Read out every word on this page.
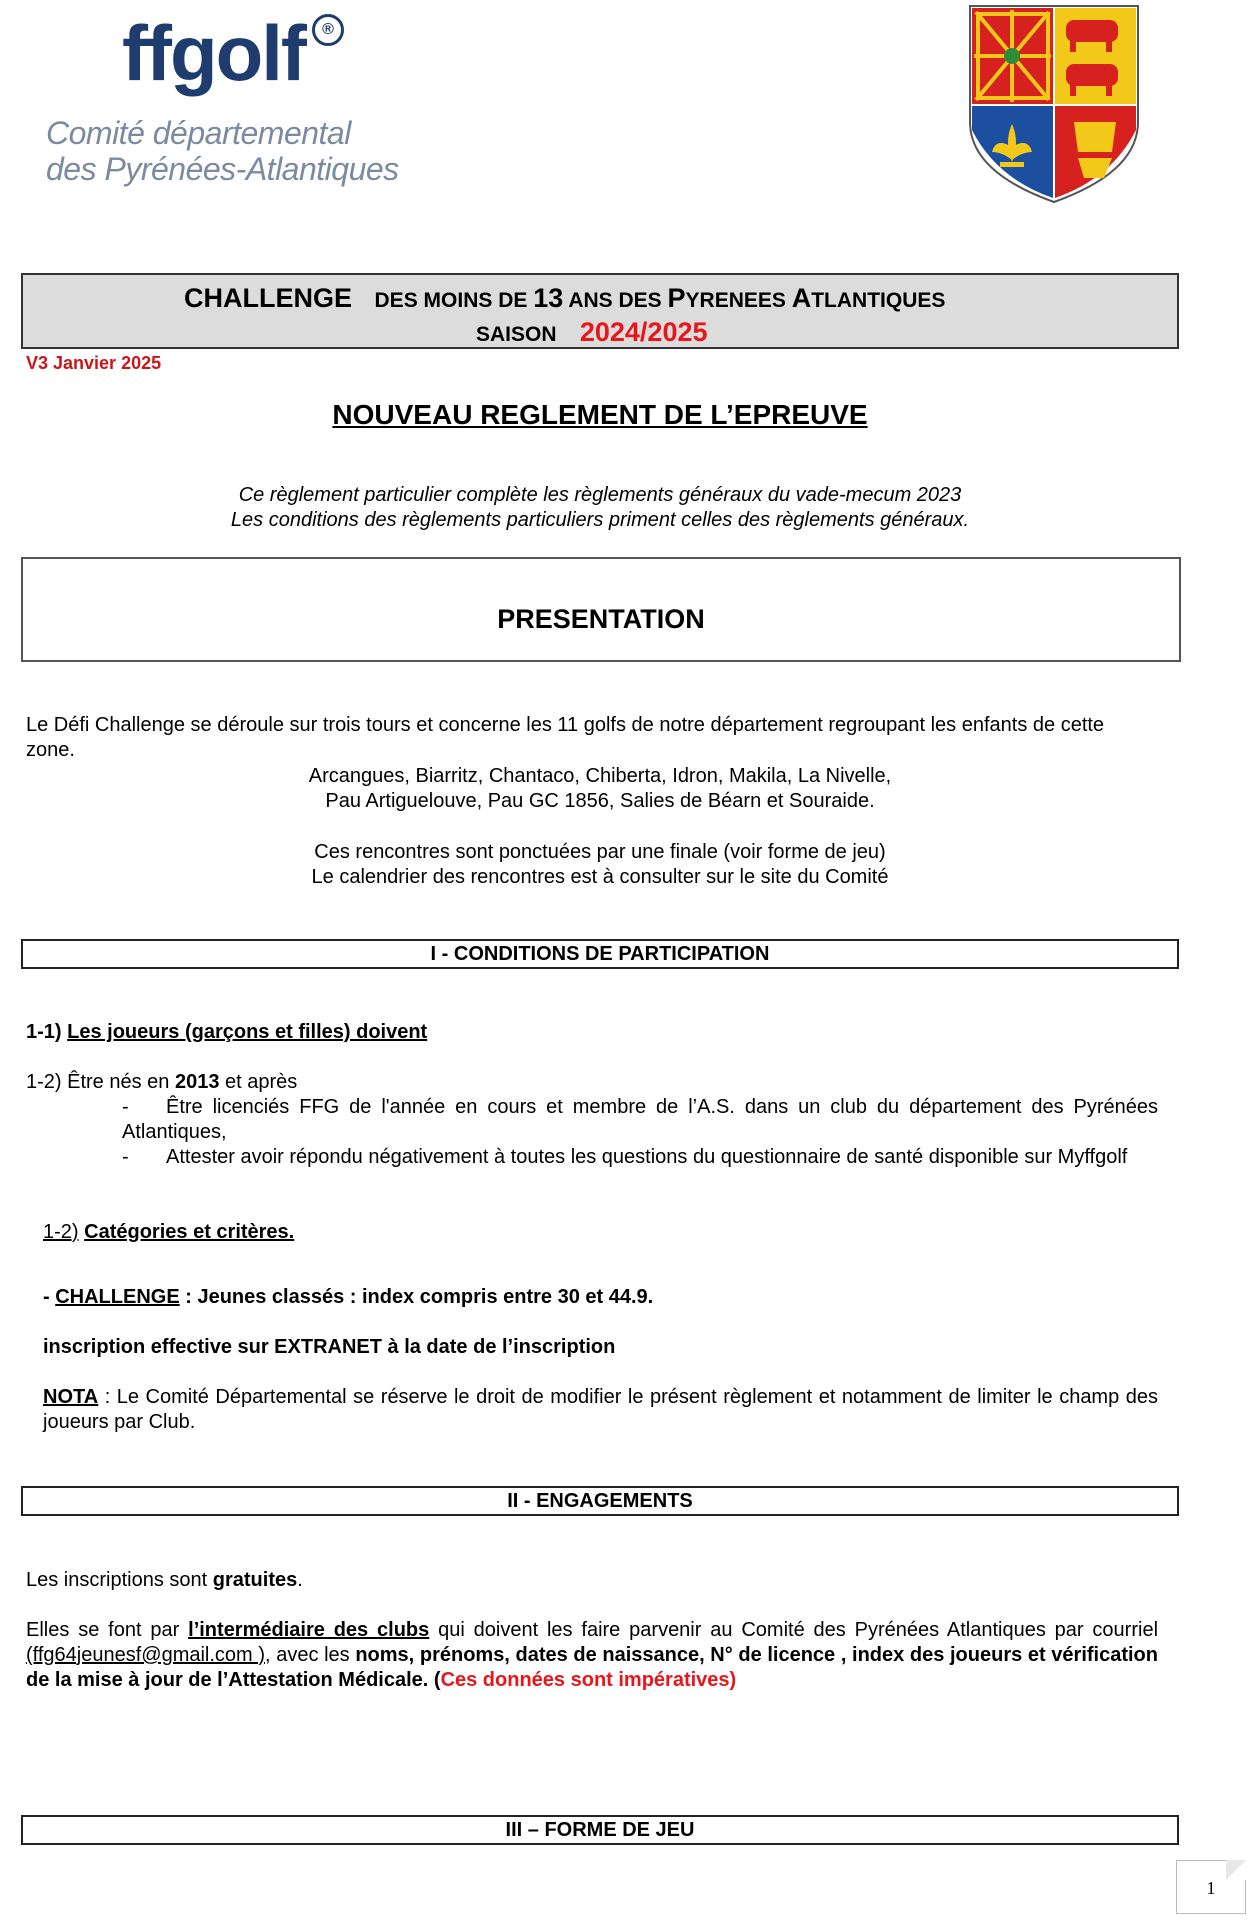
ffgolf	®
Comité départemental
des Pyrénées-Atlantiques
CHALLENGE DES MOINS DE 13 ANS DES PYRENEES ATLANTIQUES
SAISON 2024/2025
V3 Janvier 2025
NOUVEAU REGLEMENT DE L’EPREUVE
Ce règlement particulier complète les règlements généraux du vade-mecum 2023
Les conditions des règlements particuliers priment celles des règlements généraux.
PRESENTATION
Le Défi Challenge se déroule sur trois tours et concerne les 11 golfs de notre département regroupant les enfants de cette zone.
Arcangues, Biarritz, Chantaco, Chiberta, Idron, Makila, La Nivelle,
Pau Artiguelouve, Pau GC 1856, Salies de Béarn et Souraide.
Ces rencontres sont ponctuées par une finale (voir forme de jeu)
Le calendrier des rencontres est à consulter sur le site du Comité
I - CONDITIONS DE PARTICIPATION
1-1) Les joueurs (garçons et filles) doivent
1-2) Être nés en 2013 et après
-	Être licenciés FFG de l'année en cours et membre de l’A.S. dans un club du département des Pyrénées Atlantiques,
-	Attester avoir répondu négativement à toutes les questions du questionnaire de santé disponible sur Myffgolf
1-2) Catégories et critères.
- CHALLENGE : Jeunes classés : index compris entre 30 et 44.9.
inscription effective sur EXTRANET à la date de l’inscription
NOTA : Le Comité Départemental se réserve le droit de modifier le présent règlement et notamment de limiter le champ des joueurs par Club.
II - ENGAGEMENTS
Les inscriptions sont gratuites.
Elles se font par l’intermédiaire des clubs qui doivent les faire parvenir au Comité des Pyrénées Atlantiques par courriel (ffg64jeunesf@gmail.com ), avec les noms, prénoms, dates de naissance, N° de licence , index des joueurs et vérification de la mise à jour de l’Attestation Médicale. (Ces données sont impératives)
III – FORME DE JEU
1
